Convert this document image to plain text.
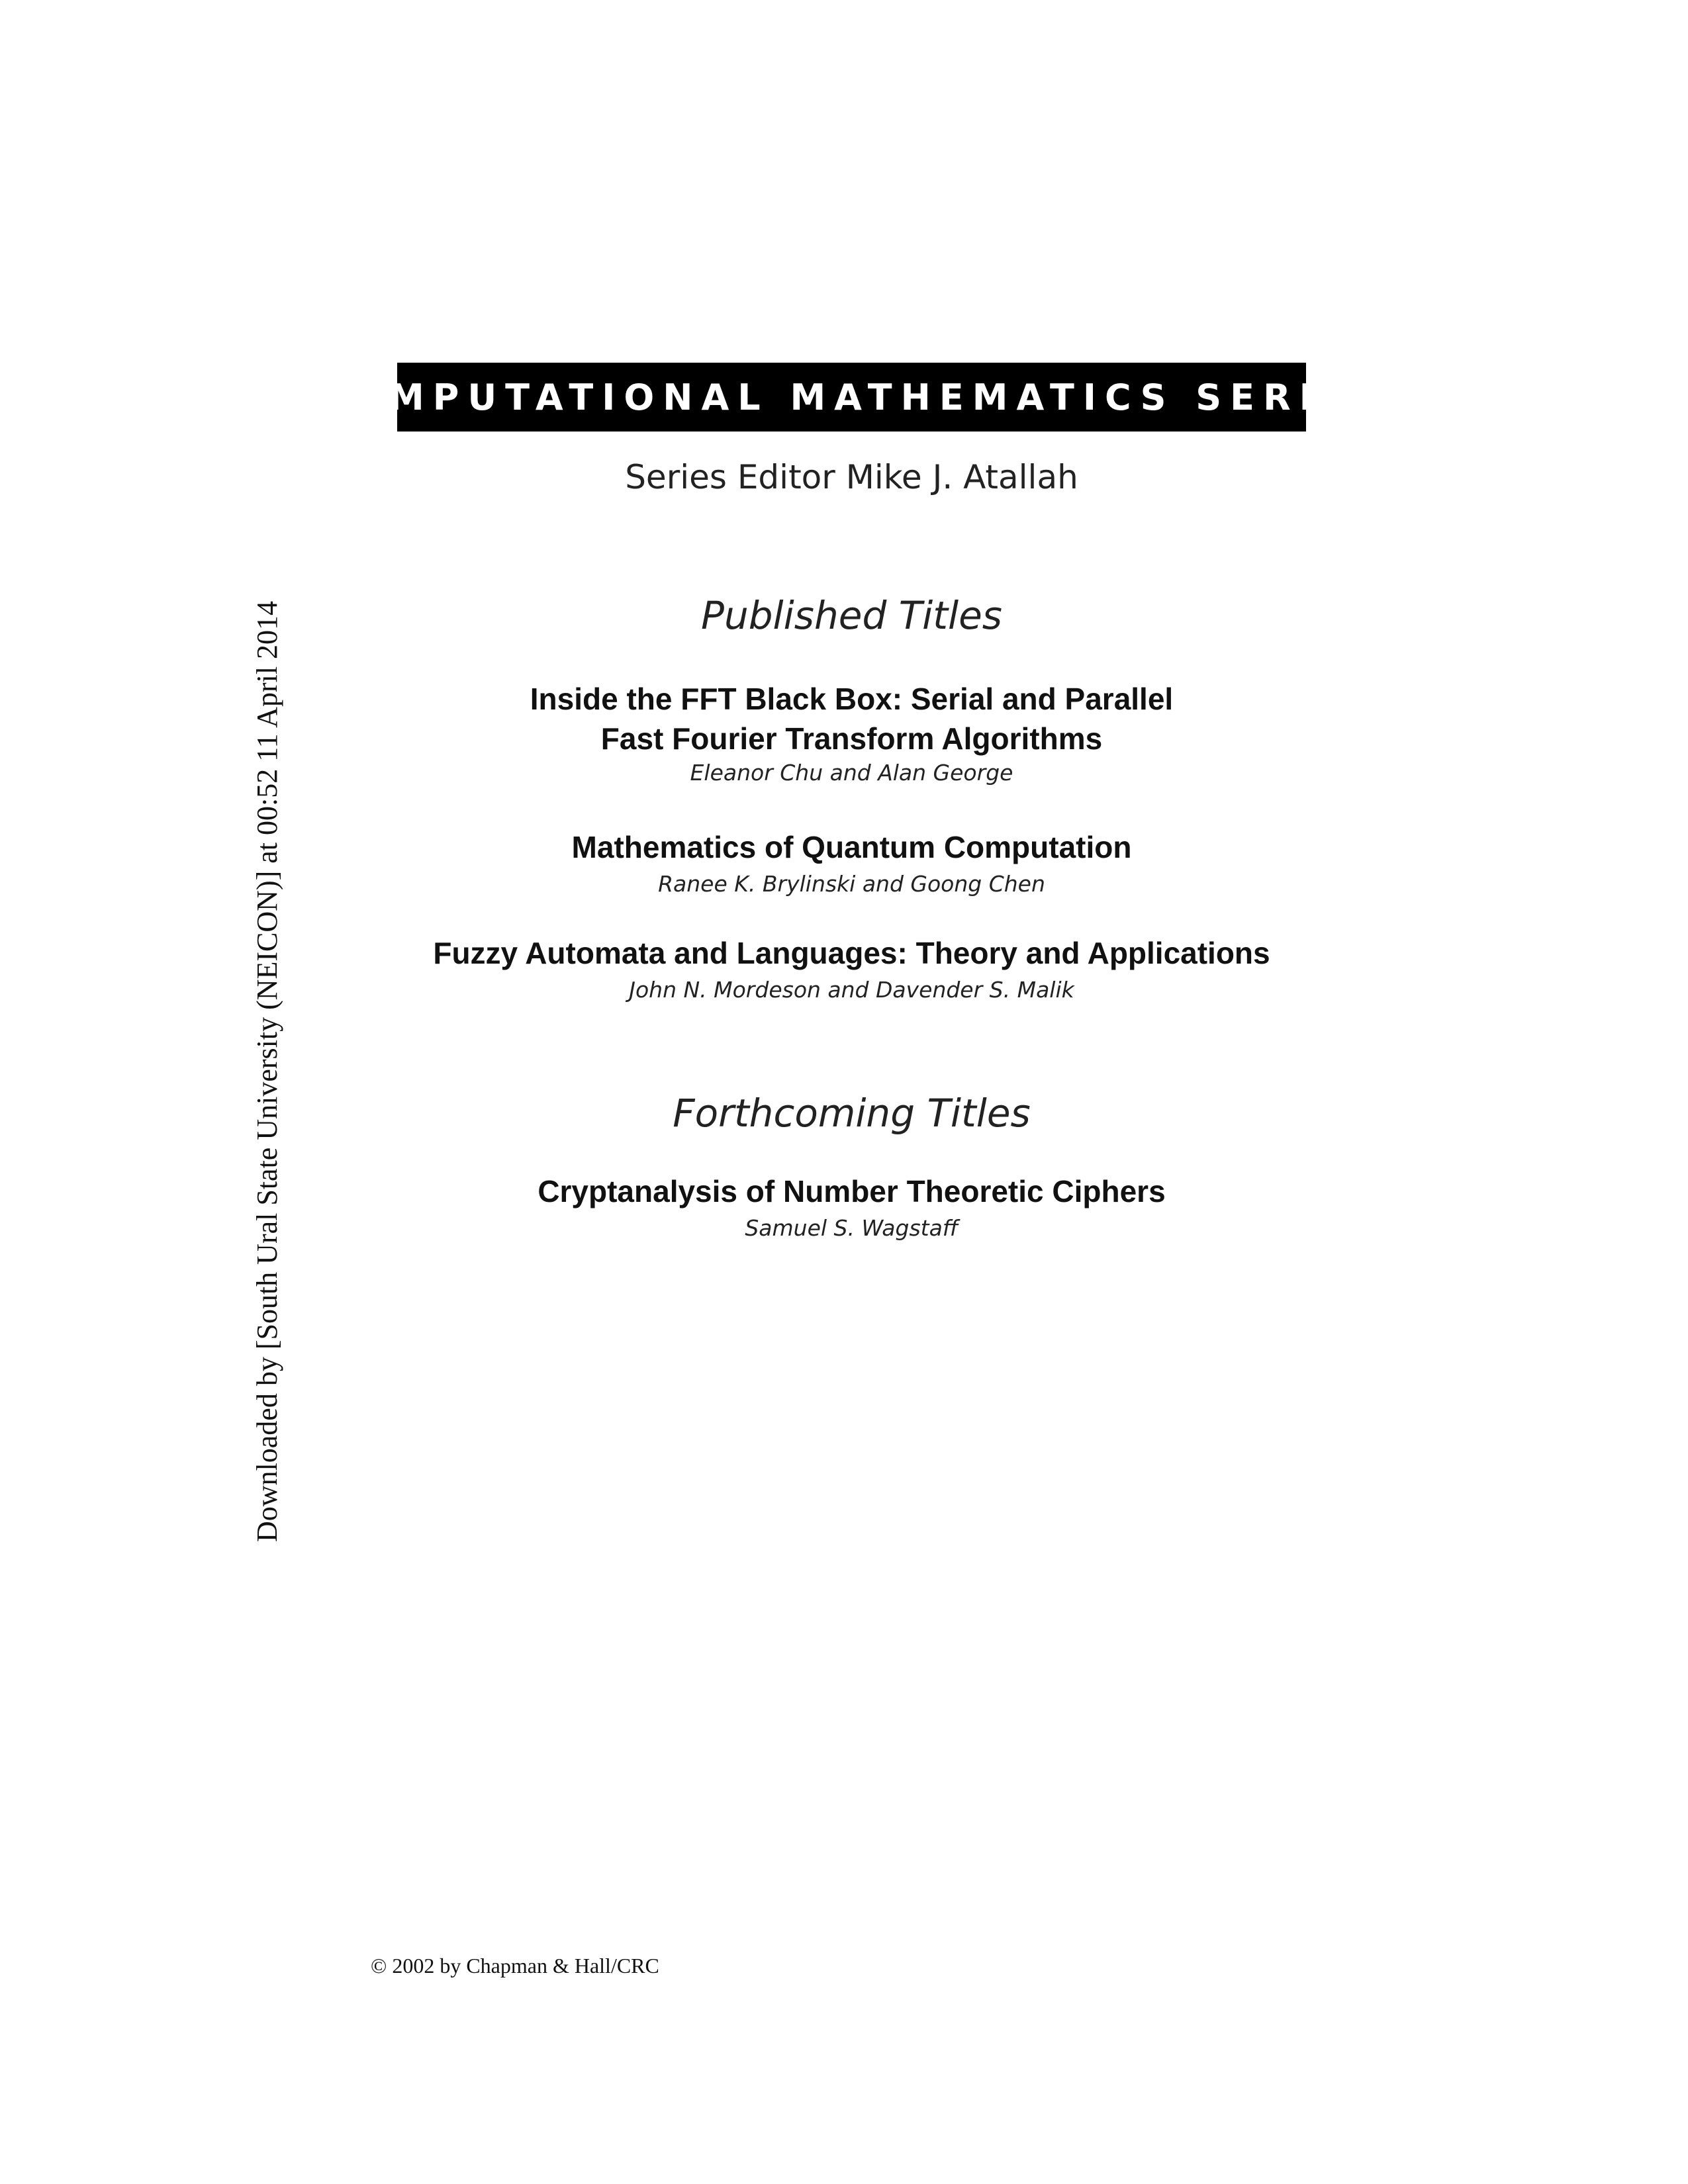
COMPUTATIONAL MATHEMATICS SERIES
Series Editor Mike J. Atallah
Published Titles
Inside the FFT Black Box: Serial and Parallel
Fast Fourier Transform Algorithms
Eleanor Chu and Alan George
Mathematics of Quantum Computation
Ranee K. Brylinski and Goong Chen
Fuzzy Automata and Languages: Theory and Applications
John N. Mordeson and Davender S. Malik
Forthcoming Titles
Cryptanalysis of Number Theoretic Ciphers
Samuel S. Wagstaff
Downloaded by [South Ural State University (NEICON)] at 00:52 11 April 2014
© 2002 by Chapman & Hall/CRC
